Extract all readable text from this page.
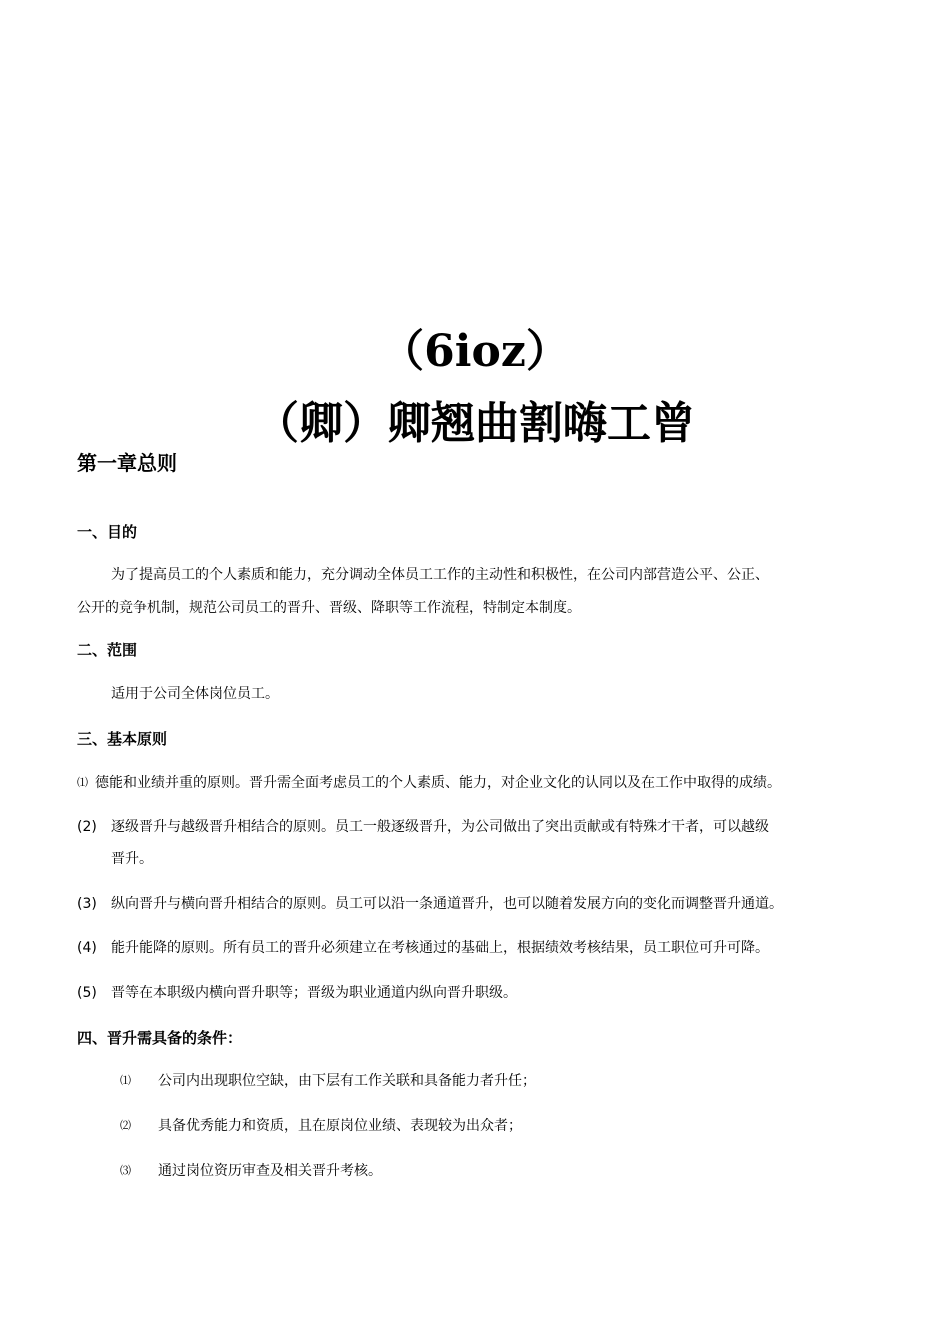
（6ioz）
（卿）卿翘曲割嗨工曾
第一章总则
一、目的

为了提高员工的个人素质和能力，充分调动全体员工工作的主动性和积极性，在公司内部营造公平、公正、

公开的竞争机制，规范公司员工的晋升、晋级、降职等工作流程，特制定本制度。

二、范围

适用于公司全体岗位员工。

三、基本原则
⑴ 德能和业绩并重的原则。晋升需全面考虑员工的个人素质、能力，对企业文化的认同以及在工作中取得的成绩。
(2) 逐级晋升与越级晋升相结合的原则。员工一般逐级晋升，为公司做出了突出贡献或有特殊才干者，可以越级
晋升。
(3) 纵向晋升与横向晋升相结合的原则。员工可以沿一条通道晋升，也可以随着发展方向的变化而调整晋升通道。
(4) 能升能降的原则。所有员工的晋升必须建立在考核通过的基础上，根据绩效考核结果，员工职位可升可降。
(5) 晋等在本职级内横向晋升职等；晋级为职业通道内纵向晋升职级。
四、晋升需具备的条件：
⑴ 公司内出现职位空缺，由下层有工作关联和具备能力者升任；
⑵ 具备优秀能力和资质，且在原岗位业绩、表现较为出众者；
⑶ 通过岗位资历审查及相关晋升考核。
